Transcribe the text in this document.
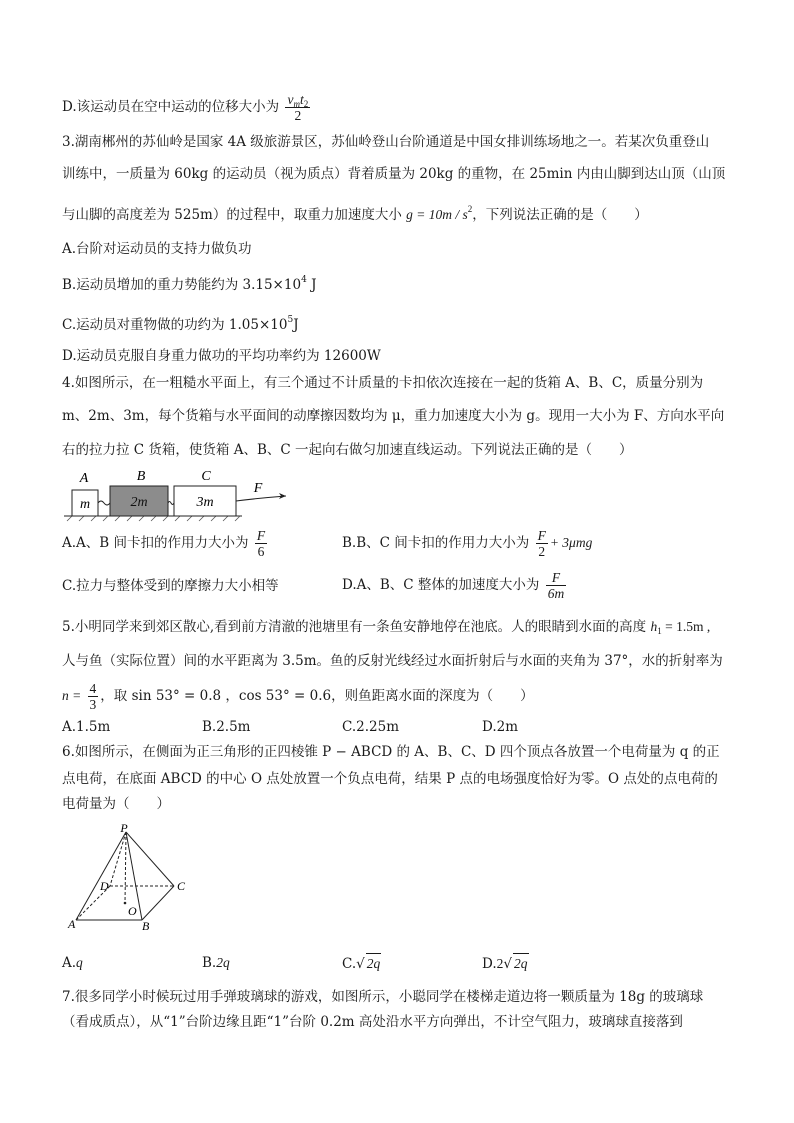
D.该运动员在空中运动的位移大小为 $\frac{v_mt_2}{2}$
3.湖南郴州的苏仙岭是国家 4A 级旅游景区，苏仙岭登山台阶通道是中国女排训练场地之一。若某次负重登山
训练中，一质量为 60kg 的运动员（视为质点）背着质量为 20kg 的重物，在 25min 内由山脚到达山顶（山顶
与山脚的高度差为 525m）的过程中，取重力加速度大小 $g = 10m / s^2$，下列说法正确的是（　　）
A.台阶对运动员的支持力做负功
B.运动员增加的重力势能约为 $3.15\times 10^4$ J
C.运动员对重物做的功约为 $1.05\times 10^5J$
D.运动员克服自身重力做功的平均功率约为 12600W
4.如图所示，在一粗糙水平面上，有三个通过不计质量的卡扣依次连接在一起的货箱 A、B、C，质量分别为
m、2m、3m，每个货箱与水平面间的动摩擦因数均为 μ，重力加速度大小为 g。现用一大小为 F、方向水平向
右的拉力拉 C 货箱，使货箱 A、B、C 一起向右做匀加速直线运动。下列说法正确的是（　　）
A	B	C
m	2m	3m
F
A.A、B 间卡扣的作用力大小为 $\frac{F}{6}$	B.B、C 间卡扣的作用力大小为 $\frac{F}{2} + 3\mu mg$
C.拉力与整体受到的摩擦力大小相等	D.A、B、C 整体的加速度大小为 $\frac{F}{6m}$
5.小明同学来到郊区散心,看到前方清澈的池塘里有一条鱼安静地停在池底。人的眼睛到水面的高度 $h_1 = 1.5m$ ,
人与鱼（实际位置）间的水平距离为 3.5m。鱼的反射光线经过水面折射后与水面的夹角为 37°，水的折射率为
$n = \frac{4}{3}$ ，取 sin 53° = 0.8 ，cos 53° = 0.6，则鱼距离水面的深度为（　　）
A.1.5m	B.2.5m	C.2.25m	D.2m
6.如图所示，在侧面为正三角形的正四棱锥 P − ABCD 的 A、B、C、D 四个顶点各放置一个电荷量为 q 的正
点电荷，在底面 ABCD 的中心 O 点处放置一个负点电荷，结果 P 点的电场强度恰好为零。O 点处的点电荷的
电荷量为（　　）
P
A	B
C
D
O
A.q	B.2q	C.√ 2q	D.2√ 2q
7.很多同学小时候玩过用手弹玻璃球的游戏，如图所示，小聪同学在楼梯走道边将一颗质量为 18g 的玻璃球
（看成质点），从“1”台阶边缘且距“1”台阶 0.2m 高处沿水平方向弹出，不计空气阻力，玻璃球直接落到
